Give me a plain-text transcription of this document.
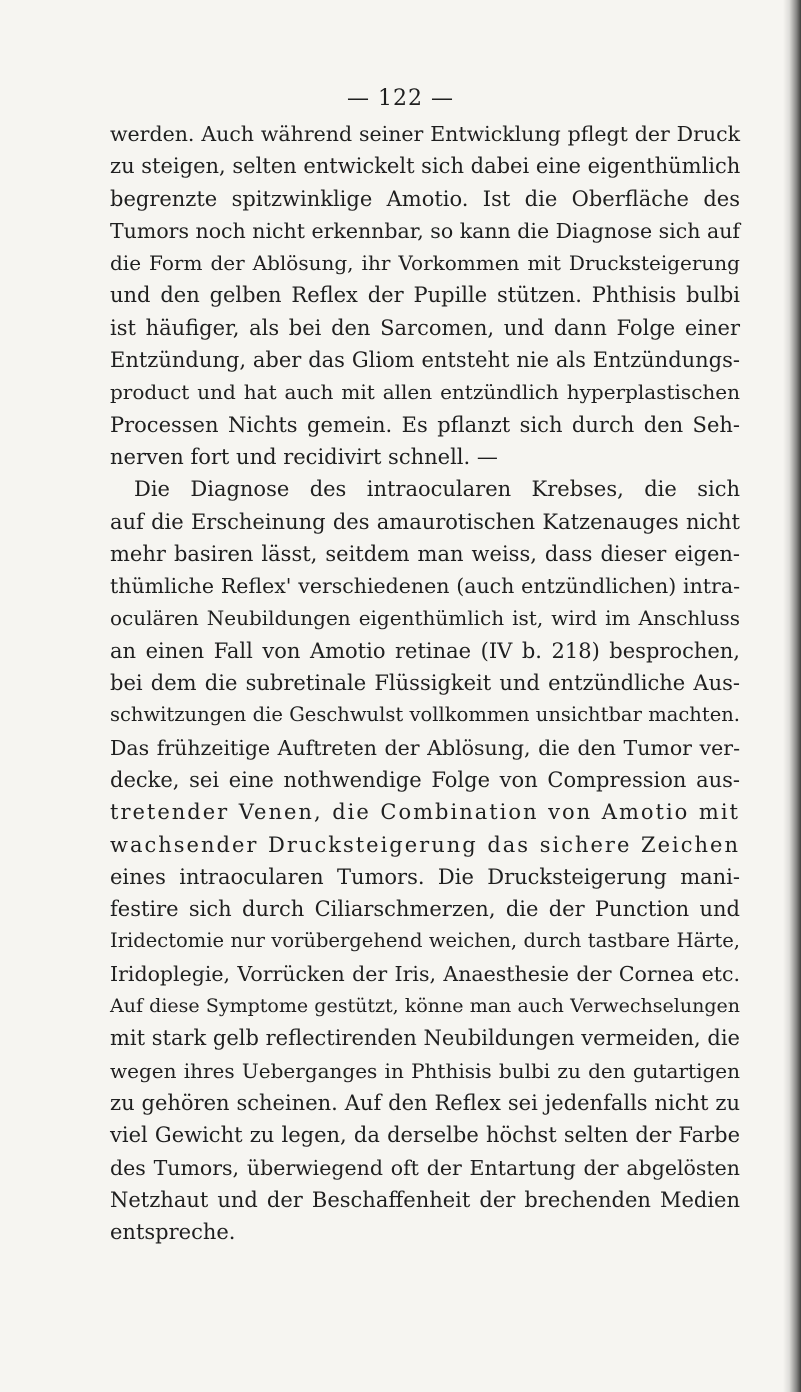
— 122 —
werden. Auch während seiner Entwicklung pflegt der Druck
zu steigen, selten entwickelt sich dabei eine eigenthümlich
begrenzte spitzwinklige Amotio. Ist die Oberfläche des
Tumors noch nicht erkennbar, so kann die Diagnose sich auf
die Form der Ablösung, ihr Vorkommen mit Drucksteigerung
und den gelben Reflex der Pupille stützen. Phthisis bulbi
ist häufiger, als bei den Sarcomen, und dann Folge einer
Entzündung, aber das Gliom entsteht nie als Entzündungs-
product und hat auch mit allen entzündlich hyperplastischen
Processen Nichts gemein. Es pflanzt sich durch den Seh-
nerven fort und recidivirt schnell. —
Die Diagnose des intraocularen Krebses, die sich
auf die Erscheinung des amaurotischen Katzenauges nicht
mehr basiren lässt, seitdem man weiss, dass dieser eigen-
thümliche Reflex' verschiedenen (auch entzündlichen) intra-
oculären Neubildungen eigenthümlich ist, wird im Anschluss
an einen Fall von Amotio retinae (IV b. 218) besprochen,
bei dem die subretinale Flüssigkeit und entzündliche Aus-
schwitzungen die Geschwulst vollkommen unsichtbar machten.
Das frühzeitige Auftreten der Ablösung, die den Tumor ver-
decke, sei eine nothwendige Folge von Compression aus-
tretender Venen, die Combination von Amotio mit
wachsender Drucksteigerung das sichere Zeichen
eines intraocularen Tumors. Die Drucksteigerung mani-
festire sich durch Ciliarschmerzen, die der Punction und
Iridectomie nur vorübergehend weichen, durch tastbare Härte,
Iridoplegie, Vorrücken der Iris, Anaesthesie der Cornea etc.
Auf diese Symptome gestützt, könne man auch Verwechselungen
mit stark gelb reflectirenden Neubildungen vermeiden, die
wegen ihres Ueberganges in Phthisis bulbi zu den gutartigen
zu gehören scheinen. Auf den Reflex sei jedenfalls nicht zu
viel Gewicht zu legen, da derselbe höchst selten der Farbe
des Tumors, überwiegend oft der Entartung der abgelösten
Netzhaut und der Beschaffenheit der brechenden Medien
entspreche.
